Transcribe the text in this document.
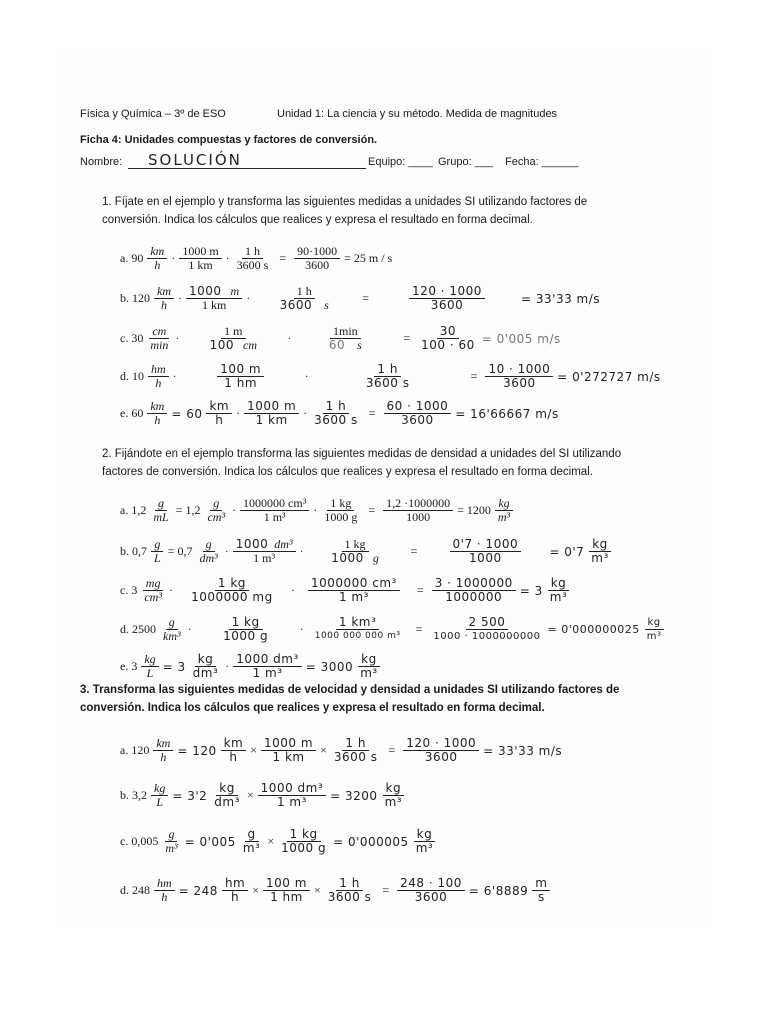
Física y Química – 3º de ESO	Unidad 1: La ciencia y su método. Medida de magnitudes
Ficha 4: Unidades compuestas y factores de conversión.
Nombre: SOLUCIÓN	Equipo: ____ Grupo: ___ Fecha: ______
1. Fíjate en el ejemplo y transforma las siguientes medidas a unidades SI utilizando factores de conversión. Indica los cálculos que realices y expresa el resultado en forma decimal.
a. $90 \frac{km}{h} \cdot \frac{1000 m}{1 km} \cdot \frac{1 h}{3600 s} = \frac{90\cdot 1000}{3600} = 25$ m / s
b. $120 \frac{km}{h} \cdot \frac{1000 m}{1 km} \cdot \frac{1 h}{3600 s} = \frac{120 \cdot 1000}{3600} = 33'33$ m/s
c. $30 \frac{cm}{\min} \cdot \frac{1 m}{100 cm} \cdot \frac{1\min}{60 s} = \frac{30}{100 \cdot 60} = 0'005$ m/s
d. $10 \frac{hm}{h} \cdot \frac{100 m}{1 hm} \cdot \frac{1 h}{3600 s} = \frac{10 \cdot 1000}{3600} = 0'272727$ m/s
e. $60 \frac{km}{h} = 60 \frac{km}{h} \cdot \frac{1000 m}{1 km} \cdot \frac{1 h}{3600 s} = \frac{60 \cdot 1000}{3600} = 16'66667$ m/s
2. Fijándote en el ejemplo transforma las siguientes medidas de densidad a unidades del SI utilizando factores de conversión. Indica los cálculos que realices y expresa el resultado en forma decimal.
a. $1,2 \frac{g}{mL} = 1,2 \frac{g}{\text{cm³}} \cdot \frac{\text{1000000 cm³}}{\text{1 m³}} \cdot \frac{1 kg}{1000 g} = \frac{1,2 \cdot 1000000}{1000} = 1200 \frac{kg}{\text{m³}}$
b. $0,7 \frac{g}{L} = 0,7 \frac{g}{\text{dm³}} \cdot \frac{\text{1000 dm³}}{\text{1 m³}} \cdot \frac{1 kg}{1000 g} = \frac{0'7 \cdot 1000}{1000} = 0'7 \frac{kg}{\text{m³}}$
c. $3 \frac{mg}{\text{cm³}} \cdot \frac{1 kg}{1000000 mg} \cdot \frac{\text{1000000 cm³}}{\text{1 m³}} = \frac{3 \cdot 1000000}{1000000} = 3 \frac{kg}{\text{m³}}$
d. $2500 \frac{g}{\text{km³}} \cdot \frac{1 kg}{1000 g} \cdot \frac{\text{1 km³}}{\text{1000 000 000 m³}} = \frac{2 500}{1000 \cdot 1000000000} = 0'000000025 \frac{kg}{\text{m³}}$
e. $3 \frac{kg}{L} = 3 \frac{kg}{\text{dm³}} \cdot \frac{\text{1000 dm³}}{\text{1 m³}} = 3000 \frac{kg}{\text{m³}}$
3. Transforma las siguientes medidas de velocidad y densidad a unidades SI utilizando factores de conversión. Indica los cálculos que realices y expresa el resultado en forma decimal.
a. $120 \frac{km}{h} = 120 \frac{km}{h} \times \frac{1000 m}{1 km} \times \frac{1 h}{3600 s} = \frac{120 \cdot 1000}{3600} = 33'33$ m/s
b. $3,2 \frac{kg}{L} = 3'2 \frac{kg}{\text{dm³}} \times \frac{\text{1000 dm³}}{\text{1 m³}} = 3200 \frac{kg}{\text{m³}}$
c. $0,005 \frac{g}{\text{m³}} = 0'005 \frac{g}{\text{m³}} \times \frac{1 kg}{1000 g} = 0'000005 \frac{kg}{\text{m³}}$
d. $248 \frac{hm}{h} = 248 \frac{hm}{h} \times \frac{100 m}{1 hm} \times \frac{1 h}{3600 s} = \frac{248 \cdot 100}{3600} = 6'8889 \frac{m}{s}$
